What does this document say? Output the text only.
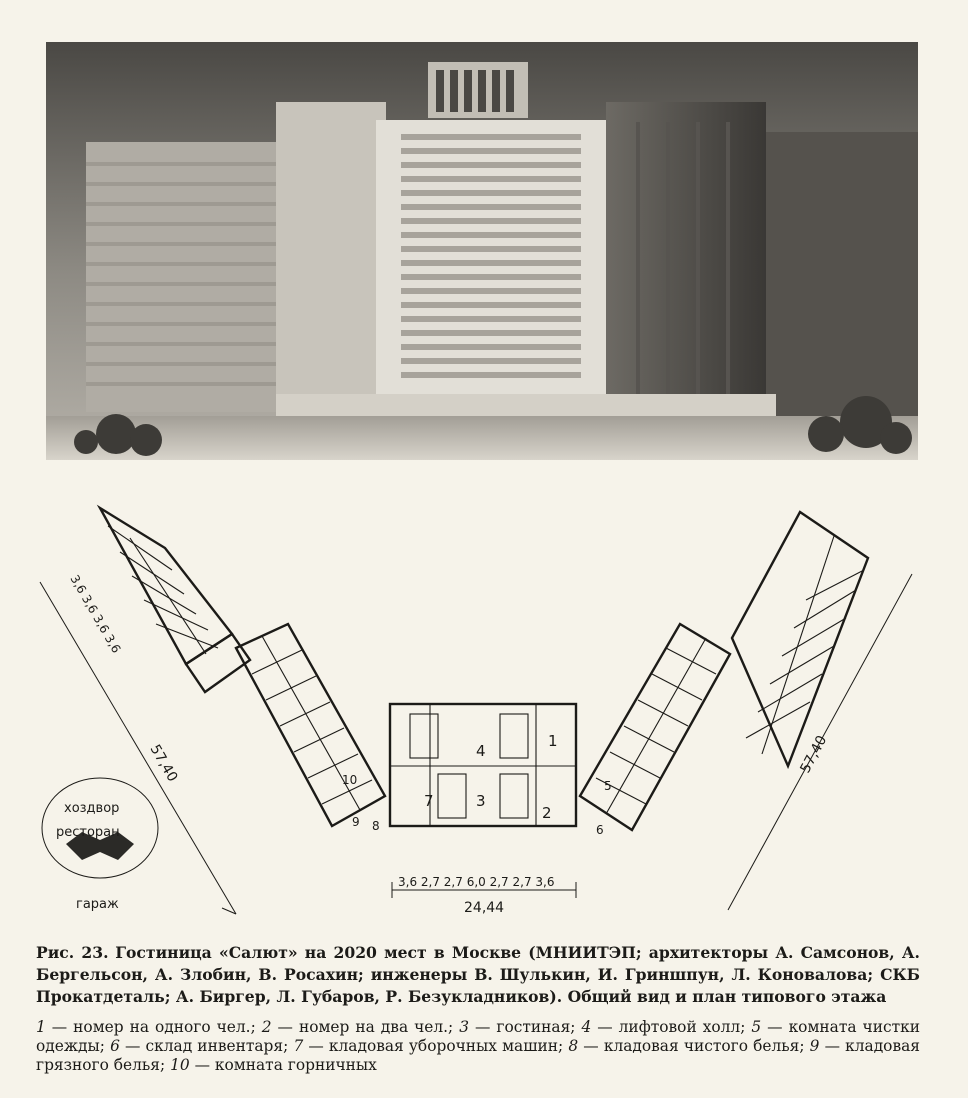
4
3
7
2
1
10	5
6
8
9
57,40	57,40
3,6 3,6 3,6 3,6
3,6 2,7 2,7 6,0 2,7 2,7 3,6
24,44
хоздвор
ресторан
гараж
Рис. 23. Гостиница «Салют» на 2020 мест в Москве (МНИИТЭП; архитекторы А. Самсонов, А. Бергельсон, А. Злобин, В. Росахин; инженеры В. Шулькин, И. Гриншпун, Л. Коновалова; СКБ Прокатдеталь; А. Биргер, Л. Губаров, Р. Безукладников). Общий вид и план типового этажа
1 — номер на одного чел.; 2 — номер на два чел.; 3 — гостиная; 4 — лифтовой холл; 5 — комната чистки одежды; 6 — склад инвентаря; 7 — кладовая уборочных машин; 8 — кладовая чистого белья; 9 — кладовая грязного белья; 10 — комната горничных
